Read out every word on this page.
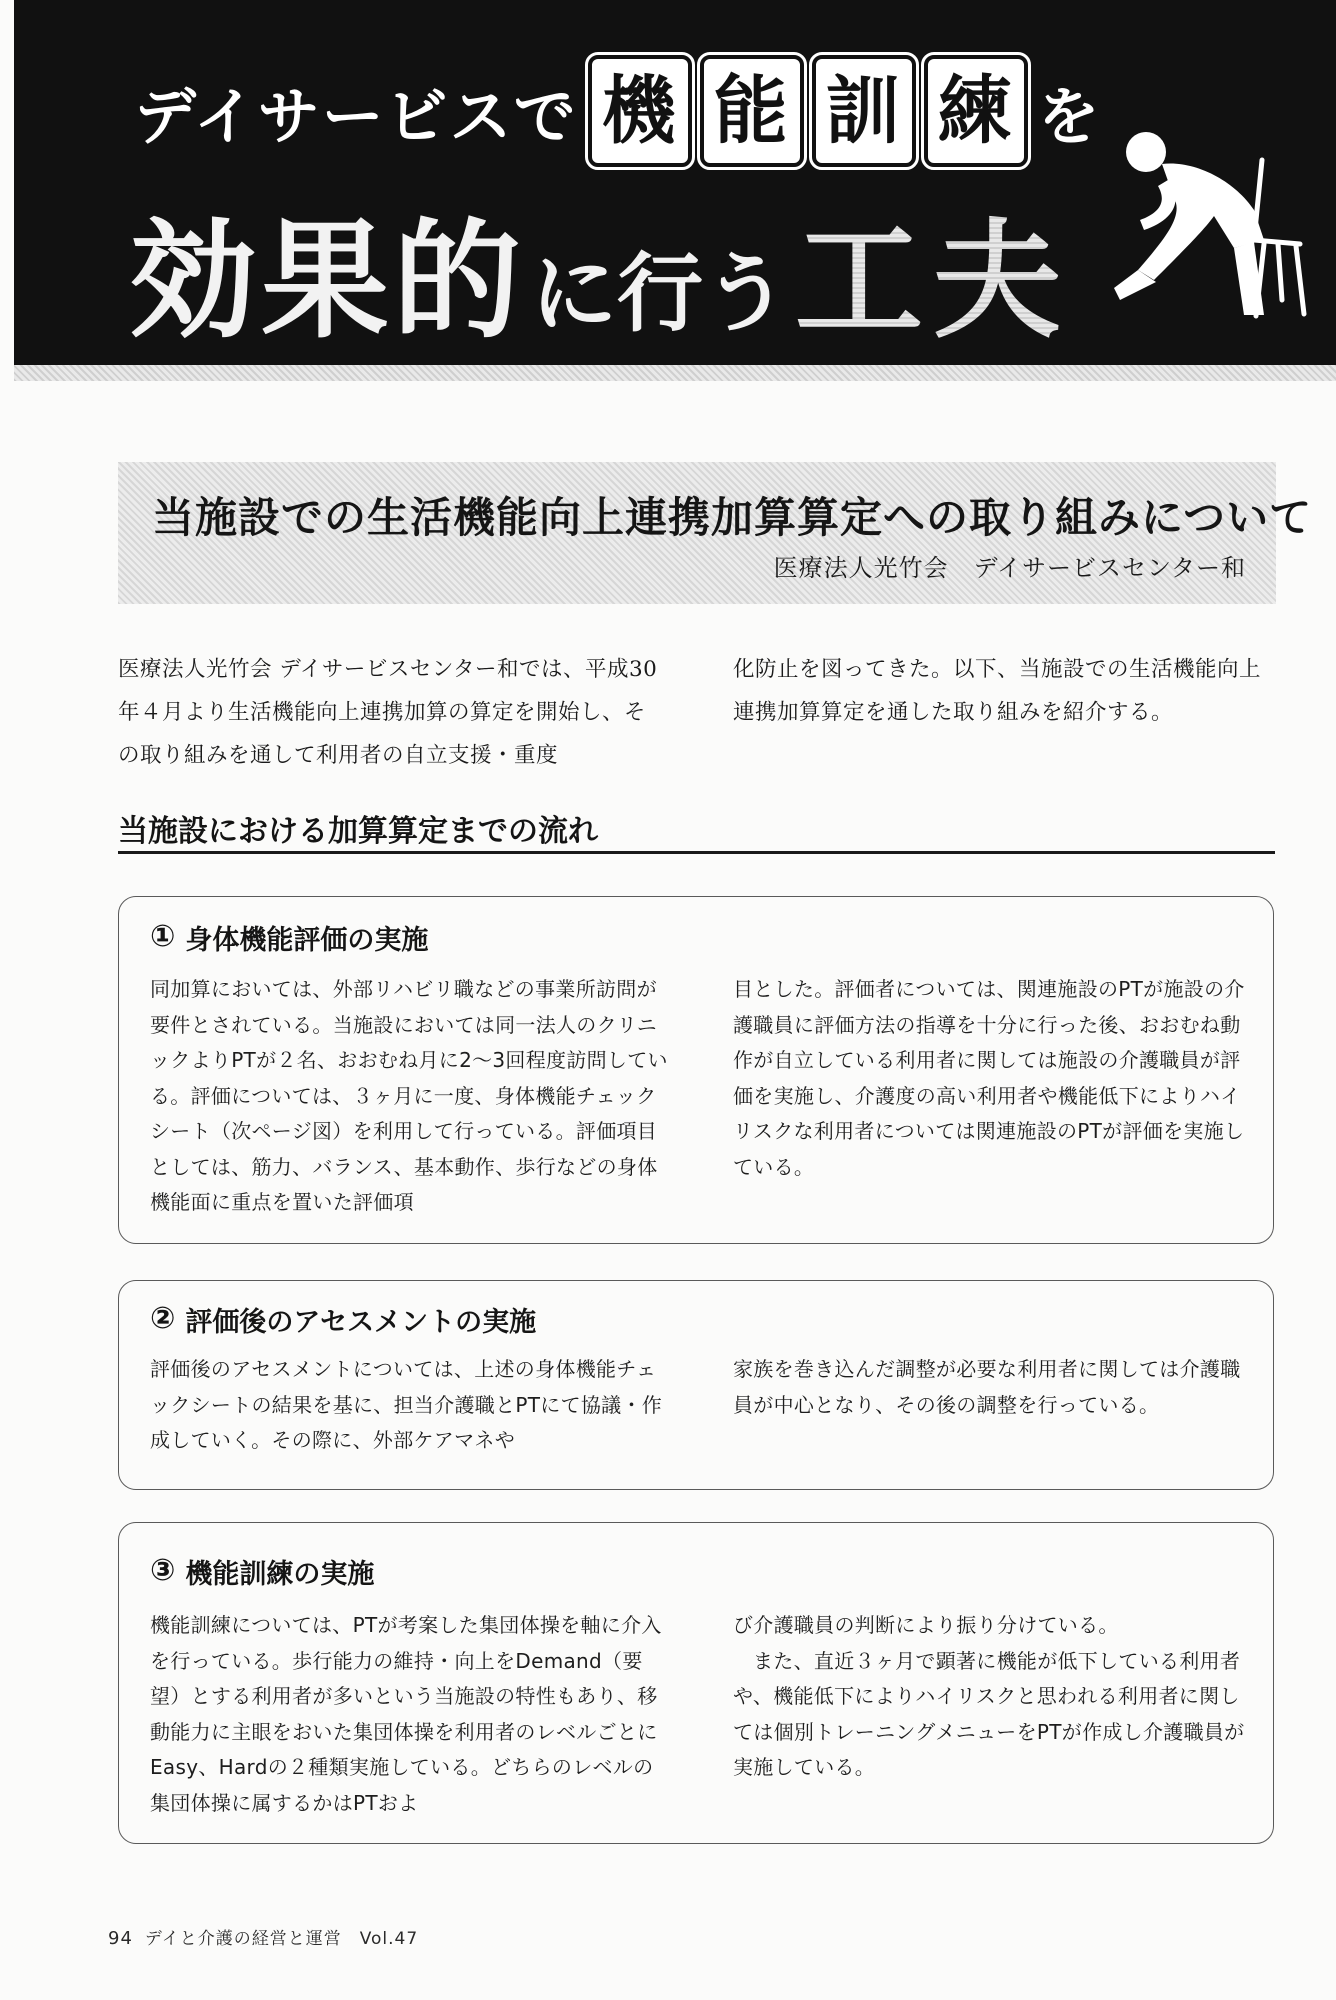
デイサービスで 機 能 訓 練 を
効果的 に行う 工夫
当施設での生活機能向上連携加算算定への取り組みについて
医療法人光竹会　デイサービスセンター和

医療法人光竹会 デイサービスセンター和では、平成30年４月より生活機能向上連携加算の算定を開始し、その取り組みを通して利用者の自立支援・重度

化防止を図ってきた。以下、当施設での生活機能向上連携加算算定を通した取り組みを紹介する。

当施設における加算算定までの流れ
① 身体機能評価の実施

同加算においては、外部リハビリ職などの事業所訪問が要件とされている。当施設においては同一法人のクリニックよりPTが２名、おおむね月に2～3回程度訪問している。評価については、３ヶ月に一度、身体機能チェックシート（次ページ図）を利用して行っている。評価項目としては、筋力、バランス、基本動作、歩行などの身体機能面に重点を置いた評価項

目とした。評価者については、関連施設のPTが施設の介護職員に評価方法の指導を十分に行った後、おおむね動作が自立している利用者に関しては施設の介護職員が評価を実施し、介護度の高い利用者や機能低下によりハイリスクな利用者については関連施設のPTが評価を実施している。

② 評価後のアセスメントの実施

評価後のアセスメントについては、上述の身体機能チェックシートの結果を基に、担当介護職とPTにて協議・作成していく。その際に、外部ケアマネや

家族を巻き込んだ調整が必要な利用者に関しては介護職員が中心となり、その後の調整を行っている。

③ 機能訓練の実施

機能訓練については、PTが考案した集団体操を軸に介入を行っている。歩行能力の維持・向上をDemand（要望）とする利用者が多いという当施設の特性もあり、移動能力に主眼をおいた集団体操を利用者のレベルごとにEasy、Hardの２種類実施している。どちらのレベルの集団体操に属するかはPTおよ

び介護職員の判断により振り分けている。
また、直近３ヶ月で顕著に機能が低下している利用者や、機能低下によりハイリスクと思われる利用者に関しては個別トレーニングメニューをPTが作成し介護職員が実施している。
94 デイと介護の経営と運営　Vol.47
